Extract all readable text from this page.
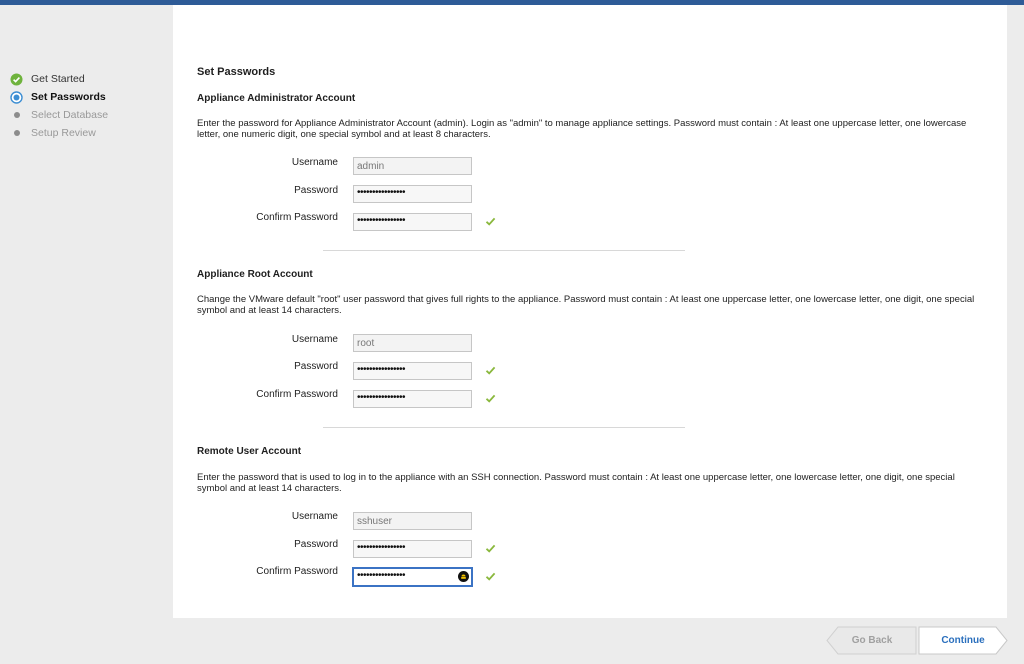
Get Started
Set Passwords
Select Database
Setup Review
Set Passwords
Appliance Administrator Account
Enter the password for Appliance Administrator Account (admin). Login as "admin" to manage appliance settings. Password must contain : At least one uppercase letter, one lowercase letter, one numeric digit, one special symbol and at least 8 characters.
Username	admin
Password	••••••••••••••••
Confirm Password	••••••••••••••••
Appliance Root Account
Change the VMware default "root" user password that gives full rights to the appliance. Password must contain : At least one uppercase letter, one lowercase letter, one digit, one special symbol and at least 14 characters.
Username	root
Password	••••••••••••••••
Confirm Password	••••••••••••••••
Remote User Account
Enter the password that is used to log in to the appliance with an SSH connection. Password must contain : At least one uppercase letter, one lowercase letter, one digit, one special symbol and at least 14 characters.
Username	sshuser
Password	••••••••••••••••
Confirm Password	••••••••••••••••
Go Back	Continue
